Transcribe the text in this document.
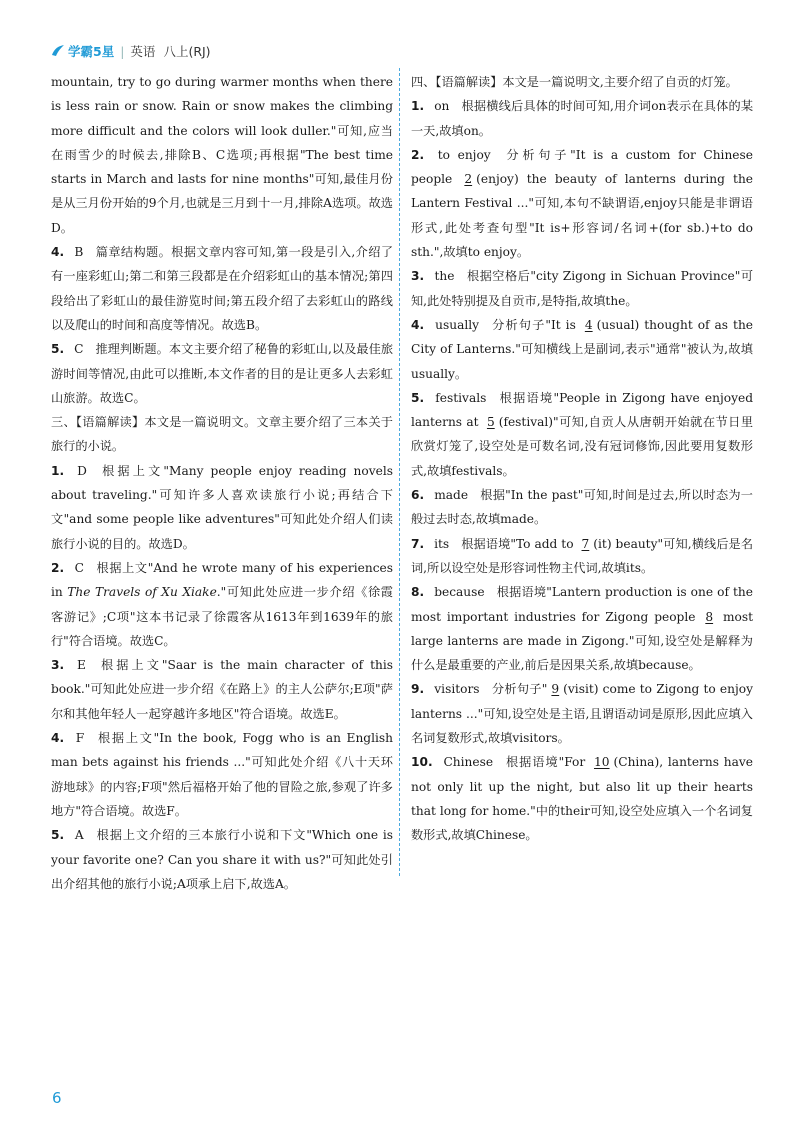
学霸5星 | 英语 八上(RJ)

mountain, try to go during warmer months when there is less rain or snow. Rain or snow makes the climbing more difficult and the colors will look duller."可知,应当在雨雪少的时候去,排除B、C选项;再根据"The best time starts in March and lasts for nine months"可知,最佳月份是从三月份开始的9个月,也就是三月到十一月,排除A选项。故选D。

4. B 篇章结构题。根据文章内容可知,第一段是引入,介绍了有一座彩虹山;第二和第三段都是在介绍彩虹山的基本情况;第四段给出了彩虹山的最佳游览时间;第五段介绍了去彩虹山的路线以及爬山的时间和高度等情况。故选B。

5. C 推理判断题。本文主要介绍了秘鲁的彩虹山,以及最佳旅游时间等情况,由此可以推断,本文作者的目的是让更多人去彩虹山旅游。故选C。

三、【语篇解读】本文是一篇说明文。文章主要介绍了三本关于旅行的小说。

1. D 根据上文"Many people enjoy reading novels about traveling."可知许多人喜欢读旅行小说;再结合下文"and some people like adventures"可知此处介绍人们读旅行小说的目的。故选D。

2. C 根据上文"And he wrote many of his experiences in The Travels of Xu Xiake."可知此处应进一步介绍《徐霞客游记》;C项"这本书记录了徐霞客从1613年到1639年的旅行"符合语境。故选C。

3. E 根据上文"Saar is the main character of this book."可知此处应进一步介绍《在路上》的主人公萨尔;E项"萨尔和其他年轻人一起穿越许多地区"符合语境。故选E。

4. F 根据上文"In the book, Fogg who is an English man bets against his friends ..."可知此处介绍《八十天环游地球》的内容;F项"然后福格开始了他的冒险之旅,参观了许多地方"符合语境。故选F。

5. A 根据上文介绍的三本旅行小说和下文"Which one is your favorite one? Can you share it with us?"可知此处引出介绍其他的旅行小说;A项承上启下,故选A。

四、【语篇解读】本文是一篇说明文,主要介绍了自贡的灯笼。

1. on 根据横线后具体的时间可知,用介词on表示在具体的某一天,故填on。

2. to enjoy 分析句子"It is a custom for Chinese people 2 (enjoy) the beauty of lanterns during the Lantern Festival ..."可知,本句不缺谓语,enjoy只能是非谓语形式,此处考查句型"It is+形容词/名词+(for sb.)+to do sth.",故填to enjoy。

3. the 根据空格后"city Zigong in Sichuan Province"可知,此处特别提及自贡市,是特指,故填the。

4. usually 分析句子"It is 4 (usual) thought of as the City of Lanterns."可知横线上是副词,表示"通常"被认为,故填usually。

5. festivals 根据语境"People in Zigong have enjoyed lanterns at 5 (festival)"可知,自贡人从唐朝开始就在节日里欣赏灯笼了,设空处是可数名词,没有冠词修饰,因此要用复数形式,故填festivals。

6. made 根据"In the past"可知,时间是过去,所以时态为一般过去时态,故填made。

7. its 根据语境"To add to 7 (it) beauty"可知,横线后是名词,所以设空处是形容词性物主代词,故填its。

8. because 根据语境"Lantern production is one of the most important industries for Zigong people 8 most large lanterns are made in Zigong."可知,设空处是解释为什么是最重要的产业,前后是因果关系,故填because。

9. visitors 分析句子" 9 (visit) come to Zigong to enjoy lanterns ..."可知,设空处是主语,且谓语动词是原形,因此应填入名词复数形式,故填visitors。

10. Chinese 根据语境"For 10 (China), lanterns have not only lit up the night, but also lit up their hearts that long for home."中的their可知,设空处应填入一个名词复数形式,故填Chinese。

6
